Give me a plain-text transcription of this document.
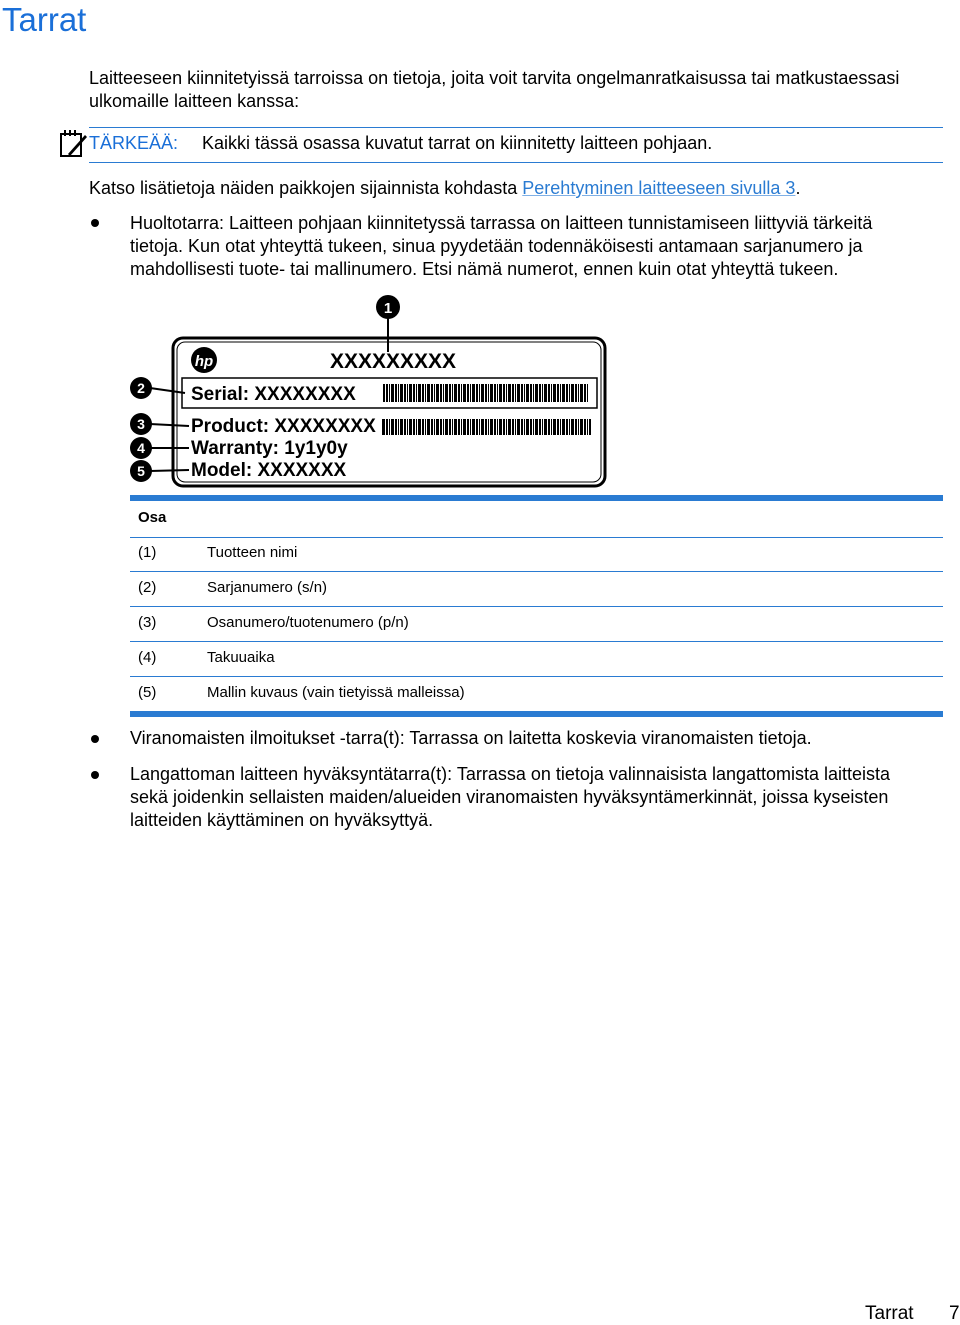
Tarrat
Laitteeseen kiinnitetyissä tarroissa on tietoja, joita voit tarvita ongelmanratkaisussa tai matkustaessasi ulkomaille laitteen kanssa:
TÄRKEÄÄ: Kaikki tässä osassa kuvatut tarrat on kiinnitetty laitteen pohjaan.
Katso lisätietoja näiden paikkojen sijainnista kohdasta Perehtyminen laitteeseen sivulla 3.
Huoltotarra: Laitteen pohjaan kiinnitetyssä tarrassa on laitteen tunnistamiseen liittyviä tärkeitä tietoja. Kun otat yhteyttä tukeen, sinua pyydetään todennäköisesti antamaan sarjanumero ja mahdollisesti tuote- tai mallinumero. Etsi nämä numerot, ennen kuin otat yhteyttä tukeen.
1
hp	XXXXXXXXX
Serial: XXXXXXXX
Product: XXXXXXXX
Warranty: 1y1y0y
Model: XXXXXXX
2
3
4
5
Osa
(1)	Tuotteen nimi
(2)	Sarjanumero (s/n)
(3)	Osanumero/tuotenumero (p/n)
(4)	Takuuaika
(5)	Mallin kuvaus (vain tietyissä malleissa)
Viranomaisten ilmoitukset -tarra(t): Tarrassa on laitetta koskevia viranomaisten tietoja.
Langattoman laitteen hyväksyntätarra(t): Tarrassa on tietoja valinnaisista langattomista laitteista sekä joidenkin sellaisten maiden/alueiden viranomaisten hyväksyntämerkinnät, joissa kyseisten laitteiden käyttäminen on hyväksyttyä.
Tarrat 7
